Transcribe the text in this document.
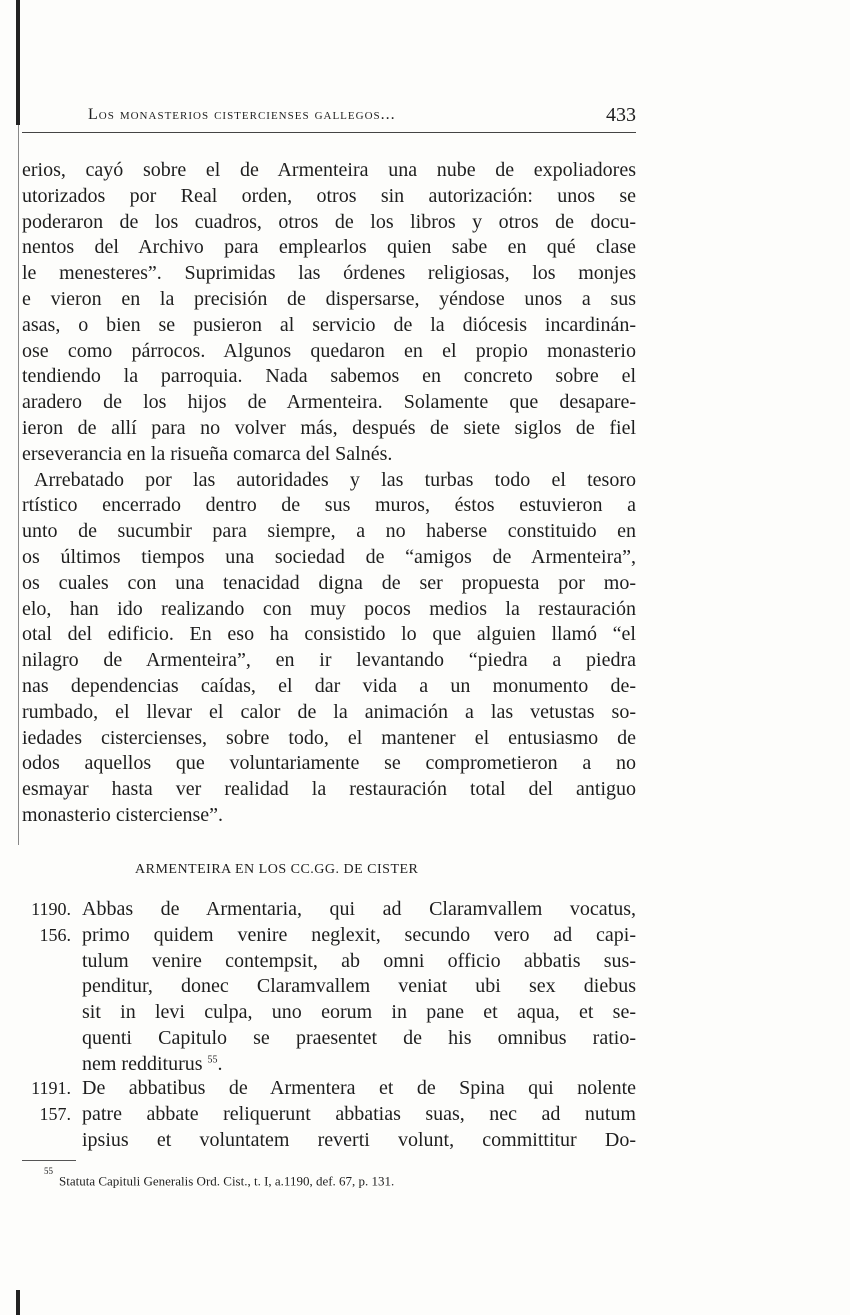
Los monasterios cistercienses gallegos...	433
erios, cayó sobre el de Armenteira una nube de expoliadores
utorizados por Real orden, otros sin autorización: unos se
poderaron de los cuadros, otros de los libros y otros de docu-
nentos del Archivo para emplearlos quien sabe en qué clase
le menesteres”. Suprimidas las órdenes religiosas, los monjes
e vieron en la precisión de dispersarse, yéndose unos a sus
asas, o bien se pusieron al servicio de la diócesis incardinán-
ose como párrocos. Algunos quedaron en el propio monasterio
tendiendo la parroquia. Nada sabemos en concreto sobre el
aradero de los hijos de Armenteira. Solamente que desapare-
ieron de allí para no volver más, después de siete siglos de fiel
erseverancia en la risueña comarca del Salnés.
Arrebatado por las autoridades y las turbas todo el tesoro
rtístico encerrado dentro de sus muros, éstos estuvieron a
unto de sucumbir para siempre, a no haberse constituido en
os últimos tiempos una sociedad de “amigos de Armenteira”,
os cuales con una tenacidad digna de ser propuesta por mo-
elo, han ido realizando con muy pocos medios la restauración
otal del edificio. En eso ha consistido lo que alguien llamó “el
nilagro de Armenteira”, en ir levantando “piedra a piedra
nas dependencias caídas, el dar vida a un monumento de-
rumbado, el llevar el calor de la animación a las vetustas so-
iedades cistercienses, sobre todo, el mantener el entusiasmo de
odos aquellos que voluntariamente se comprometieron a no
esmayar hasta ver realidad la restauración total del antiguo
monasterio cisterciense”.
ARMENTEIRA EN LOS CC.GG. DE CISTER
1190.
156.
Abbas de Armentaria, qui ad Claramvallem vocatus,
primo quidem venire neglexit, secundo vero ad capi-
tulum venire contempsit, ab omni officio abbatis sus-
penditur, donec Claramvallem veniat ubi sex diebus
sit in levi culpa, uno eorum in pane et aqua, et se-
quenti Capitulo se praesentet de his omnibus ratio-
nem redditurus $^{55}$.
1191.
157.
De abbatibus de Armentera et de Spina qui nolente
patre abbate reliquerunt abbatias suas, nec ad nutum
ipsius et voluntatem reverti volunt, committitur Do-
$^{55}$Statuta Capituli Generalis Ord. Cist., t. I, a.1190, def. 67, p. 131.
